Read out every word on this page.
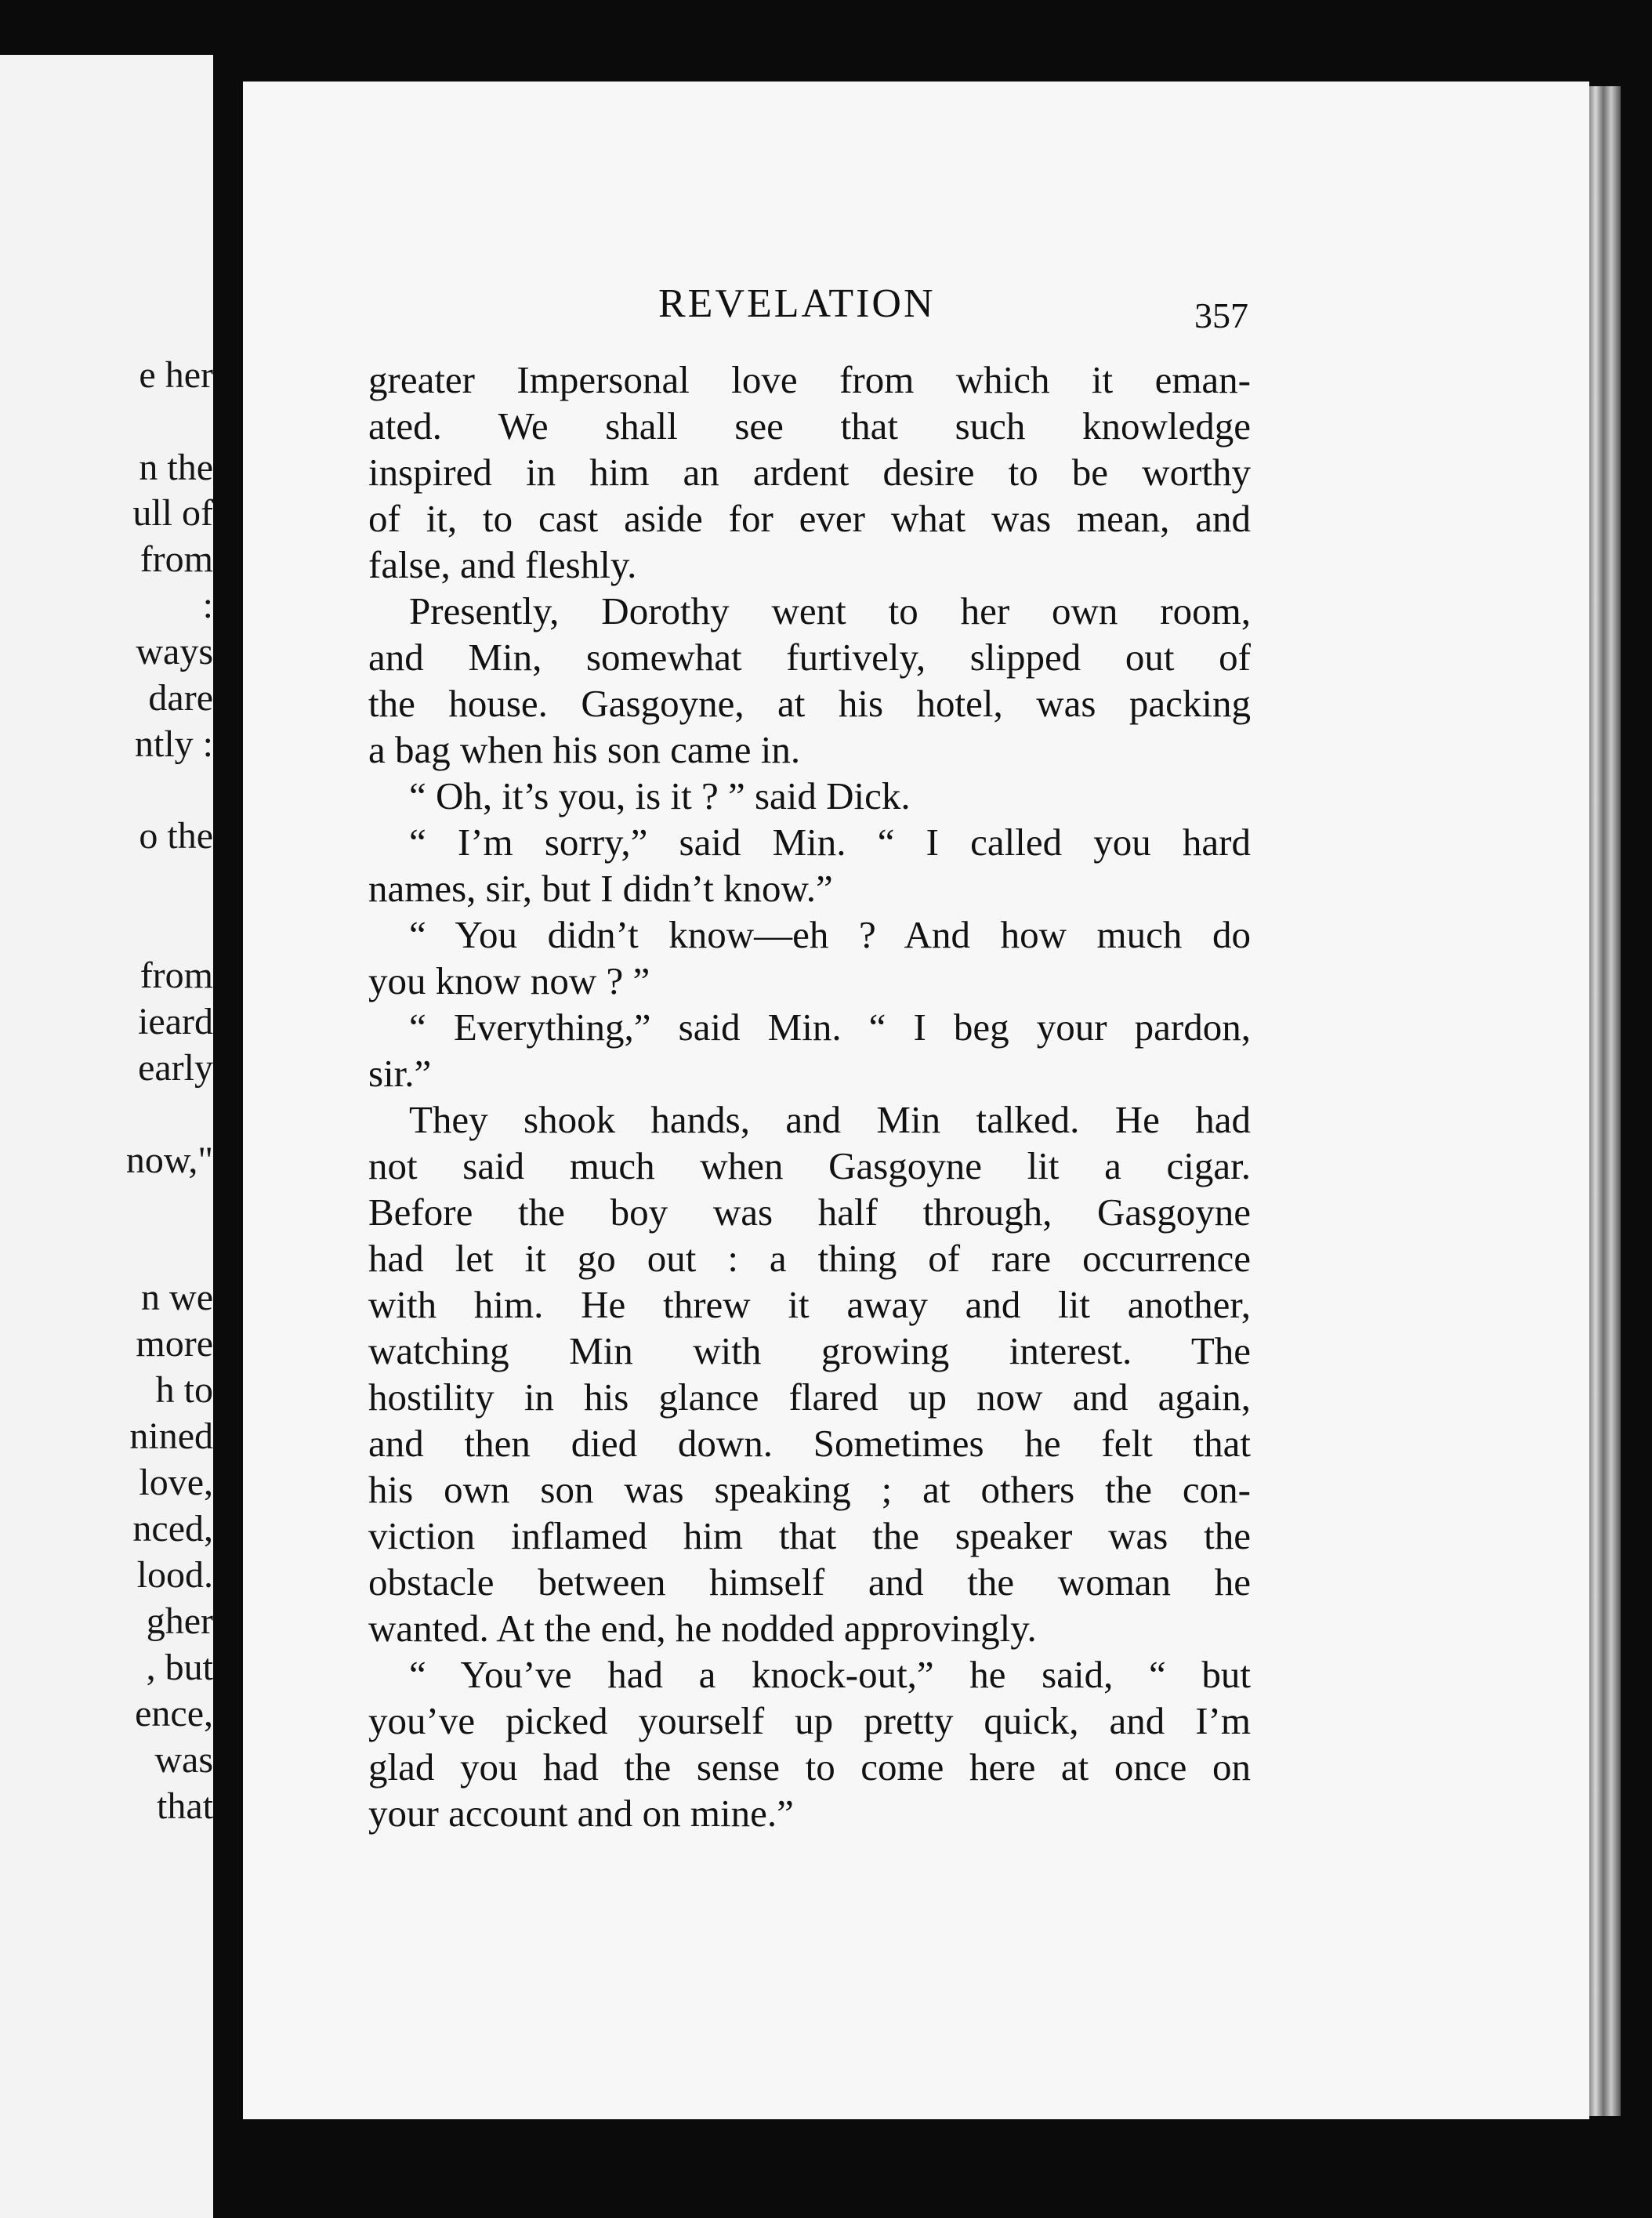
e her

n the

ull of

from

:

ways

dare

ntly :

o the

from

ieard

early

now,"

n we

more

h to

nined

love,

nced,

lood.

gher

, but

ence,

was

that

REVELATION	357

greater Impersonal love from which it eman-

ated. We shall see that such knowledge

inspired in him an ardent desire to be worthy

of it, to cast aside for ever what was mean, and

false, and fleshly.

Presently, Dorothy went to her own room,

and Min, somewhat furtively, slipped out of

the house. Gasgoyne, at his hotel, was packing

a bag when his son came in.

“ Oh, it’s you, is it ? ” said Dick.

“ I’m sorry,” said Min. “ I called you hard

names, sir, but I didn’t know.”

“ You didn’t know—eh ? And how much do

you know now ? ”

“ Everything,” said Min. “ I beg your pardon,

sir.”

They shook hands, and Min talked. He had

not said much when Gasgoyne lit a cigar.

Before the boy was half through, Gasgoyne

had let it go out : a thing of rare occurrence

with him. He threw it away and lit another,

watching Min with growing interest. The

hostility in his glance flared up now and again,

and then died down. Sometimes he felt that

his own son was speaking ; at others the con-

viction inflamed him that the speaker was the

obstacle between himself and the woman he

wanted. At the end, he nodded approvingly.

“ You’ve had a knock-out,” he said, “ but

you’ve picked yourself up pretty quick, and I’m

glad you had the sense to come here at once on

your account and on mine.”
